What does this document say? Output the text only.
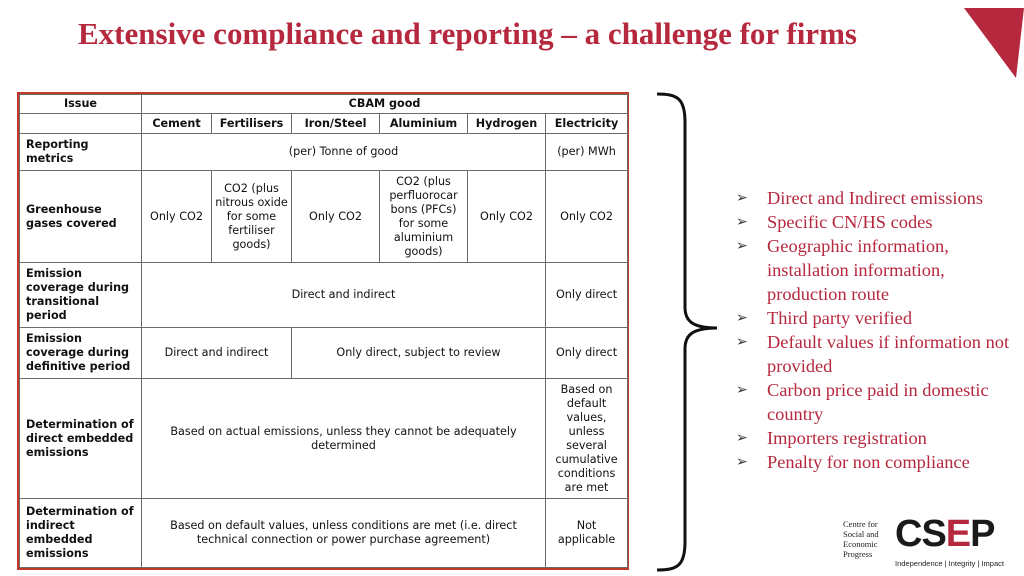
Extensive compliance and reporting – a challenge for firms
Issue	CBAM good					
	Cement	Fertilisers	Iron/Steel	Aluminium	Hydrogen	Electricity
Reporting metrics	(per) Tonne of good					(per) MWh
Greenhouse gases covered	Only CO2	CO2 (plus nitrous oxide for some fertiliser goods)	Only CO2	CO2 (plus perfluorocar bons (PFCs) for some aluminium goods)	Only CO2	Only CO2
Emission coverage during transitional period	Direct and indirect					Only direct
Emission coverage during definitive period	Direct and indirect		Only direct, subject to review			Only direct
Determination of direct embedded emissions	Based on actual emissions, unless they cannot be adequately determined					Based on default values, unless several cumulative conditions are met
Determination of indirect embedded emissions	Based on default values, unless conditions are met (i.e. direct technical connection or power purchase agreement)					Not applicable
➢ Direct and Indirect emissions
➢ Specific CN/HS codes
➢ Geographic information, installation information, production route
➢ Third party verified
➢ Default values if information not provided
➢ Carbon price paid in domestic country
➢ Importers registration
➢ Penalty for non compliance
Centre for
Social and
Economic
Progress CSEP
Independence | Integrity | Impact
